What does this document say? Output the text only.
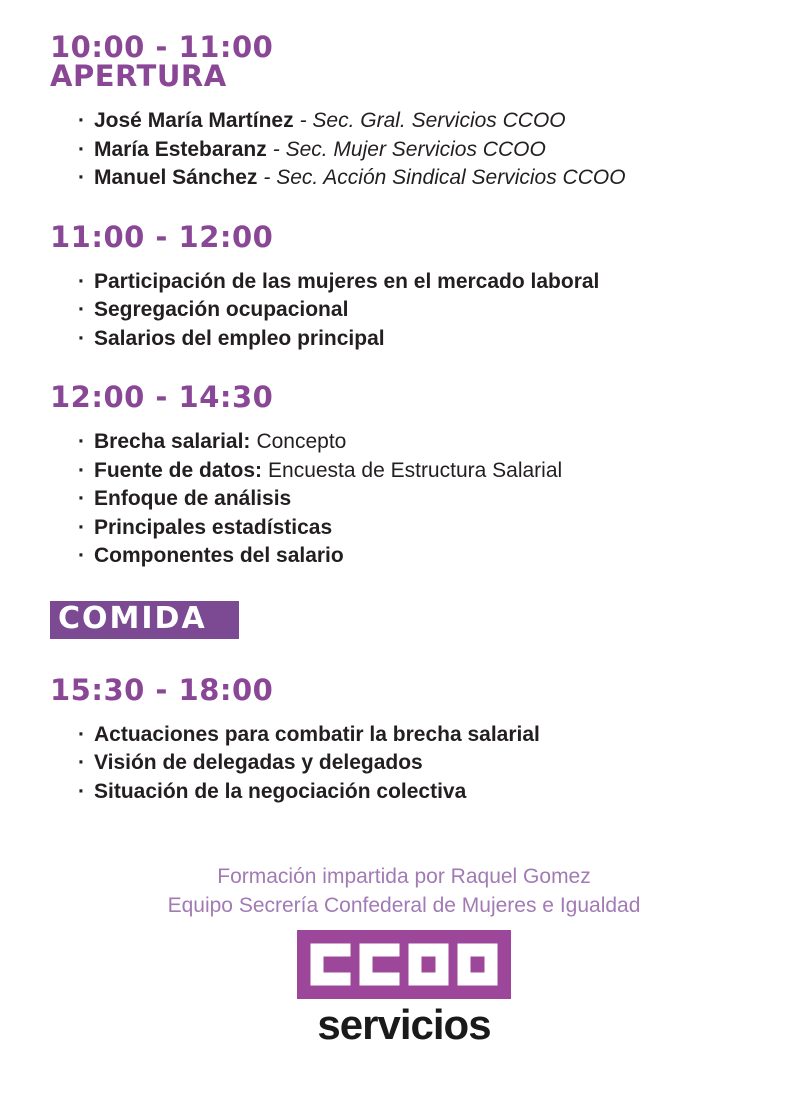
10:00 - 11:00
APERTURA
· José María Martínez - Sec. Gral. Servicios CCOO
· María Estebaranz - Sec. Mujer Servicios CCOO
· Manuel Sánchez - Sec. Acción Sindical Servicios CCOO
11:00 - 12:00
· Participación de las mujeres en el mercado laboral
· Segregación ocupacional
· Salarios del empleo principal
12:00 - 14:30
· Brecha salarial: Concepto
· Fuente de datos: Encuesta de Estructura Salarial
· Enfoque de análisis
· Principales estadísticas
· Componentes del salario
COMIDA
15:30 - 18:00
· Actuaciones para combatir la brecha salarial
· Visión de delegadas y delegados
· Situación de la negociación colectiva
Formación impartida por Raquel Gomez
Equipo Secrería Confederal de Mujeres e Igualdad
servicios
